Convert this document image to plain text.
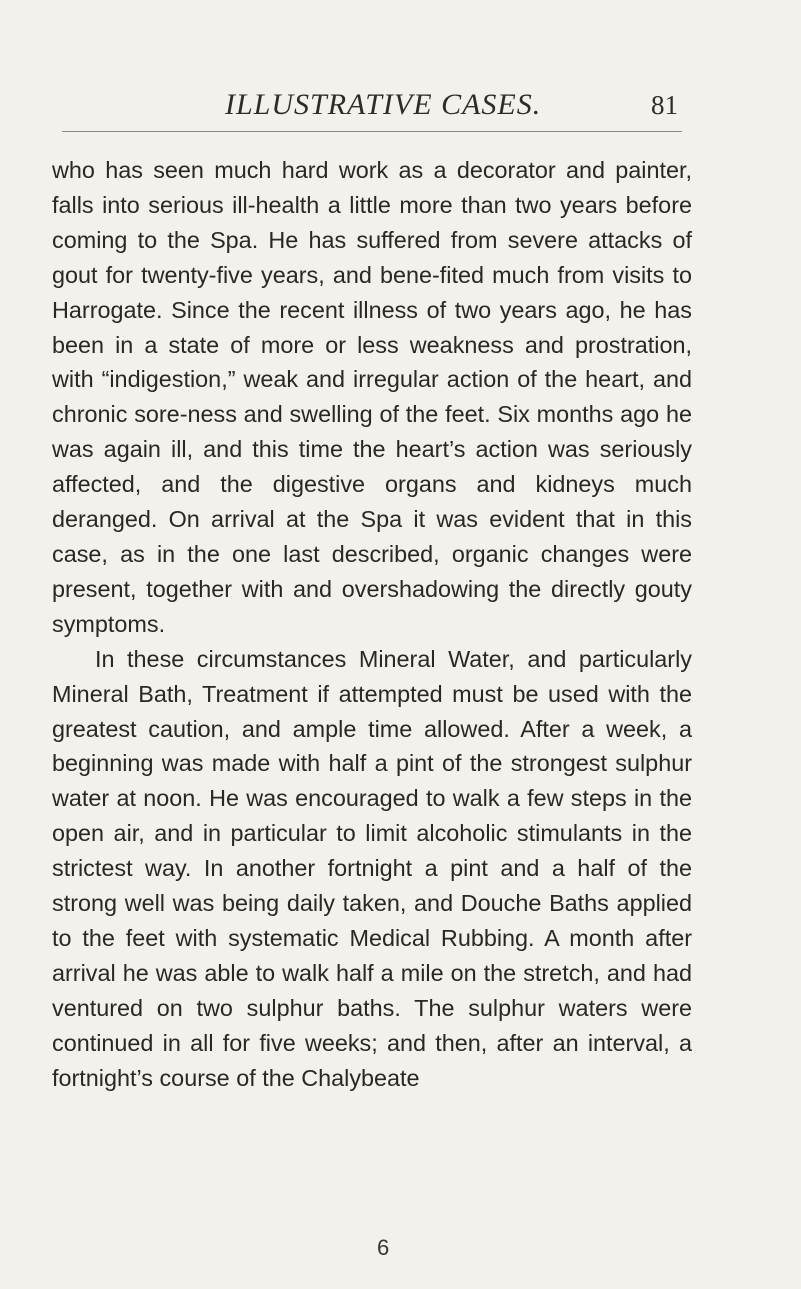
ILLUSTRATIVE CASES.	81

who has seen much hard work as a decorator and painter, falls into serious ill-health a little more than two years before coming to the Spa. He has suffered from severe attacks of gout for twenty-five years, and bene-fited much from visits to Harrogate. Since the recent illness of two years ago, he has been in a state of more or less weakness and prostration, with “indigestion,” weak and irregular action of the heart, and chronic sore-ness and swelling of the feet. Six months ago he was again ill, and this time the heart’s action was seriously affected, and the digestive organs and kidneys much deranged. On arrival at the Spa it was evident that in this case, as in the one last described, organic changes were present, together with and overshadowing the directly gouty symptoms.

In these circumstances Mineral Water, and particularly Mineral Bath, Treatment if attempted must be used with the greatest caution, and ample time allowed. After a week, a beginning was made with half a pint of the strongest sulphur water at noon. He was encouraged to walk a few steps in the open air, and in particular to limit alcoholic stimulants in the strictest way. In another fortnight a pint and a half of the strong well was being daily taken, and Douche Baths applied to the feet with systematic Medical Rubbing. A month after arrival he was able to walk half a mile on the stretch, and had ventured on two sulphur baths. The sulphur waters were continued in all for five weeks; and then, after an interval, a fortnight’s course of the Chalybeate

6
